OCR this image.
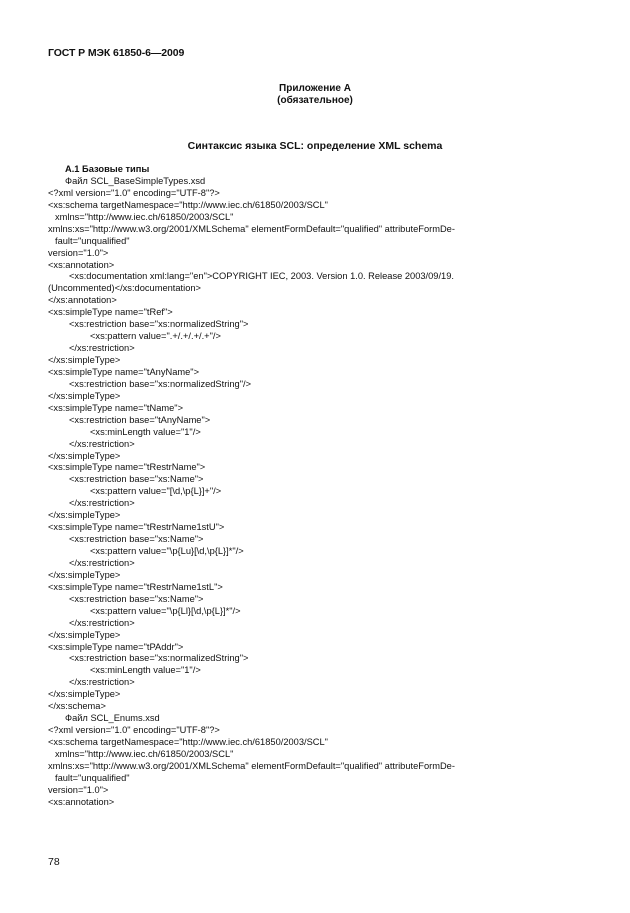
ГОСТ Р МЭК 61850-6—2009
Приложение А
(обязательное)
Синтаксис языка SCL: определение XML schema
А.1 Базовые типы
Файл SCL_BaseSimpleTypes.xsd
<?xml version="1.0" encoding="UTF-8"?>
<xs:schema targetNamespace="http://www.iec.ch/61850/2003/SCL"
xmlns="http://www.iec.ch/61850/2003/SCL"
xmlns:xs="http://www.w3.org/2001/XMLSchema" elementFormDefault="qualified" attributeFormDe-
fault="unqualified"
version="1.0">
<xs:annotation>
<xs:documentation xml:lang="en">COPYRIGHT IEC, 2003. Version 1.0. Release 2003/09/19.
(Uncommented)</xs:documentation>
</xs:annotation>
<xs:simpleType name="tRef">
<xs:restriction base="xs:normalizedString">
<xs:pattern value=".+/.+/.+/.+"/>
</xs:restriction>
</xs:simpleType>
<xs:simpleType name="tAnyName">
<xs:restriction base="xs:normalizedString"/>
</xs:simpleType>
<xs:simpleType name="tName">
<xs:restriction base="tAnyName">
<xs:minLength value="1"/>
</xs:restriction>
</xs:simpleType>
<xs:simpleType name="tRestrName">
<xs:restriction base="xs:Name">
<xs:pattern value="[\d,\p{L}]+"/>
</xs:restriction>
</xs:simpleType>
<xs:simpleType name="tRestrName1stU">
<xs:restriction base="xs:Name">
<xs:pattern value="\p{Lu}[\d,\p{L}]*"/>
</xs:restriction>
</xs:simpleType>
<xs:simpleType name="tRestrName1stL">
<xs:restriction base="xs:Name">
<xs:pattern value="\p{Ll}[\d,\p{L}]*"/>
</xs:restriction>
</xs:simpleType>
<xs:simpleType name="tPAddr">
<xs:restriction base="xs:normalizedString">
<xs:minLength value="1"/>
</xs:restriction>
</xs:simpleType>
</xs:schema>
Файл SCL_Enums.xsd
<?xml version="1.0" encoding="UTF-8"?>
<xs:schema targetNamespace="http://www.iec.ch/61850/2003/SCL"
xmlns="http://www.iec.ch/61850/2003/SCL"
xmlns:xs="http://www.w3.org/2001/XMLSchema" elementFormDefault="qualified" attributeFormDe-
fault="unqualified"
version="1.0">
<xs:annotation>
78
